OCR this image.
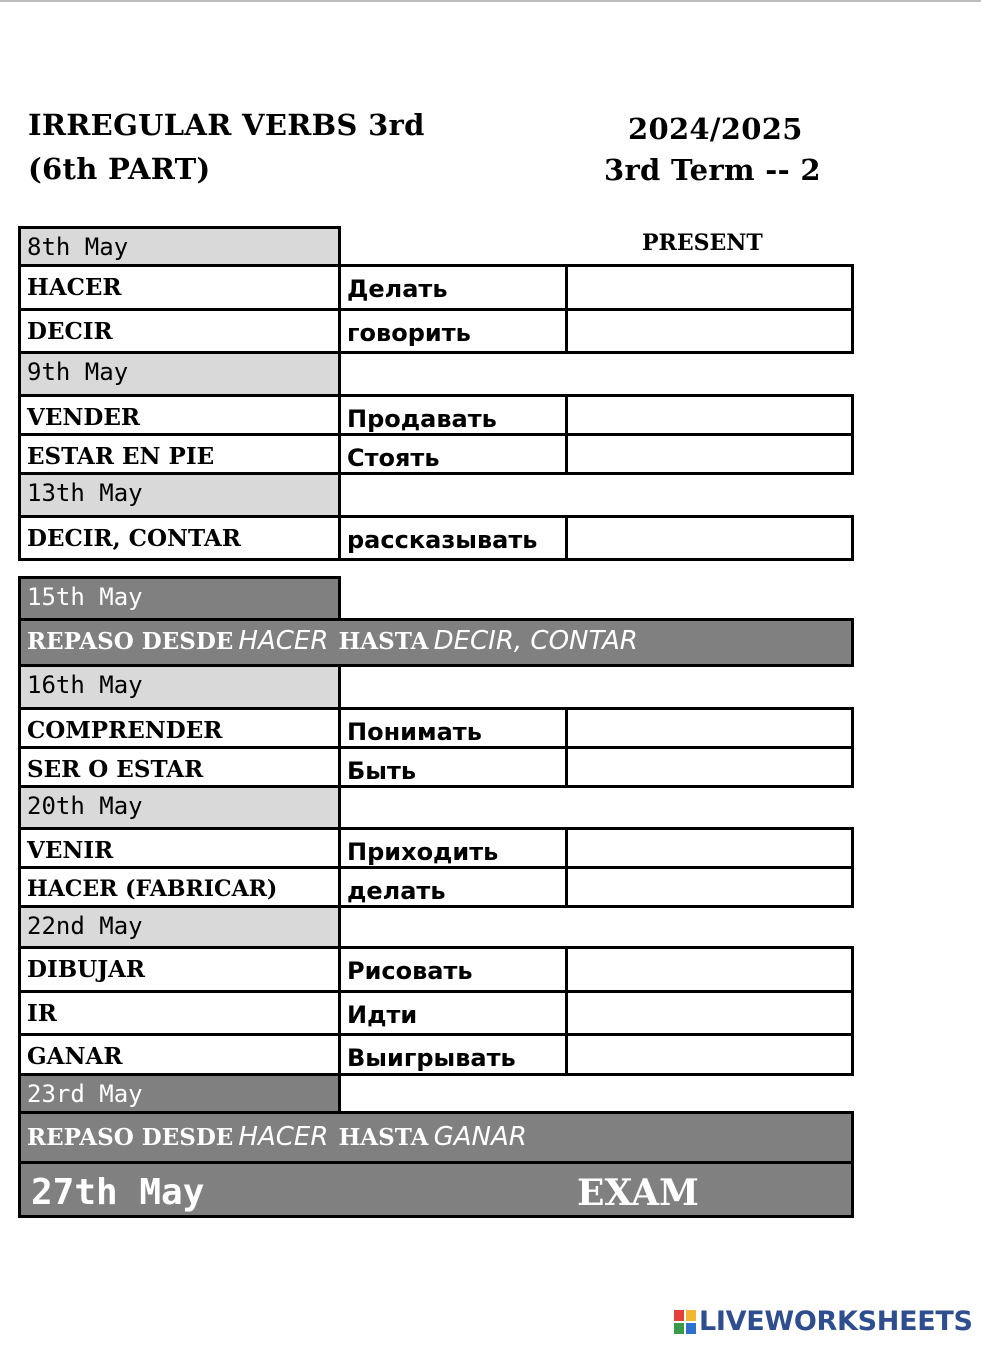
IRREGULAR VERBS 3rd
(6th PART)
2024/2025
3rd Term -- 2
PRESENT
8th May
HACER	Делать
DECIR	говорить
9th May
VENDER	Продавать
ESTAR EN PIE	Стоять
13th May
DECIR, CONTAR	рассказывать
15th May
REPASO DESDE HACER HASTA DECIR, CONTAR
16th May
COMPRENDER	Понимать
SER O ESTAR	Быть
20th May
VENIR	Приходить
HACER (FABRICAR)	делать
22nd May
DIBUJAR	Рисовать
IR	Идти
GANAR	Выигрывать
23rd May
REPASO DESDE HACER HASTA GANAR
27th May	EXAM
LIVEWORKSHEETS
